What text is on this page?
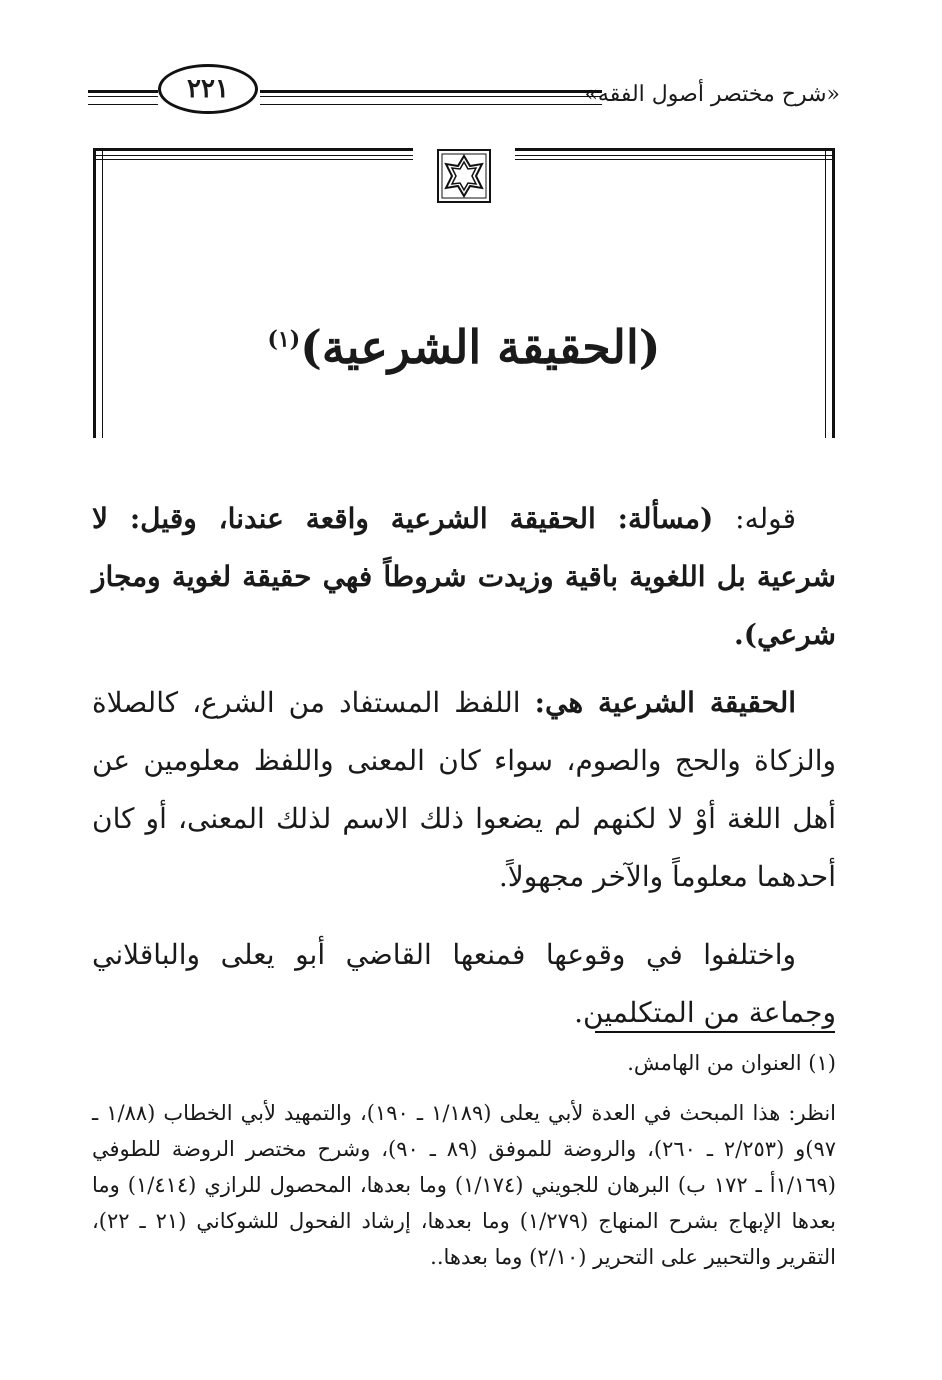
«شرح مختصر أصول الفقه»
٢٢١
(الحقيقة الشرعية)$^{(١)}$

قوله: (مسألة: الحقيقة الشرعية واقعة عندنا، وقيل: لا شرعية بل اللغوية باقية وزيدت شروطاً فهي حقيقة لغوية ومجاز شرعي).

الحقيقة الشرعية هي: اللفظ المستفاد من الشرع، كالصلاة والزكاة والحج والصوم، سواء كان المعنى واللفظ معلومين عن أهل اللغة أوْ لا لكنهم لم يضعوا ذلك الاسم لذلك المعنى، أو كان أحدهما معلوماً والآخر مجهولاً.

واختلفوا في وقوعها فمنعها القاضي أبو يعلى والباقلاني وجماعة من المتكلمين.

(١) العنوان من الهامش.

انظر: هذا المبحث في العدة لأبي يعلى (١/١٨٩ ـ ١٩٠)، والتمهيد لأبي الخطاب (١/٨٨ ـ ٩٧)و (٢/٢٥٣ ـ ٢٦٠)، والروضة للموفق (٨٩ ـ ٩٠)، وشرح مختصر الروضة للطوفي (١/١٦٩أ ـ ١٧٢ ب) البرهان للجويني (١/١٧٤) وما بعدها، المحصول للرازي (١/٤١٤) وما بعدها الإبهاج بشرح المنهاج (١/٢٧٩) وما بعدها، إرشاد الفحول للشوكاني (٢١ ـ ٢٢)، التقرير والتحبير على التحرير (٢/١٠) وما بعدها..
